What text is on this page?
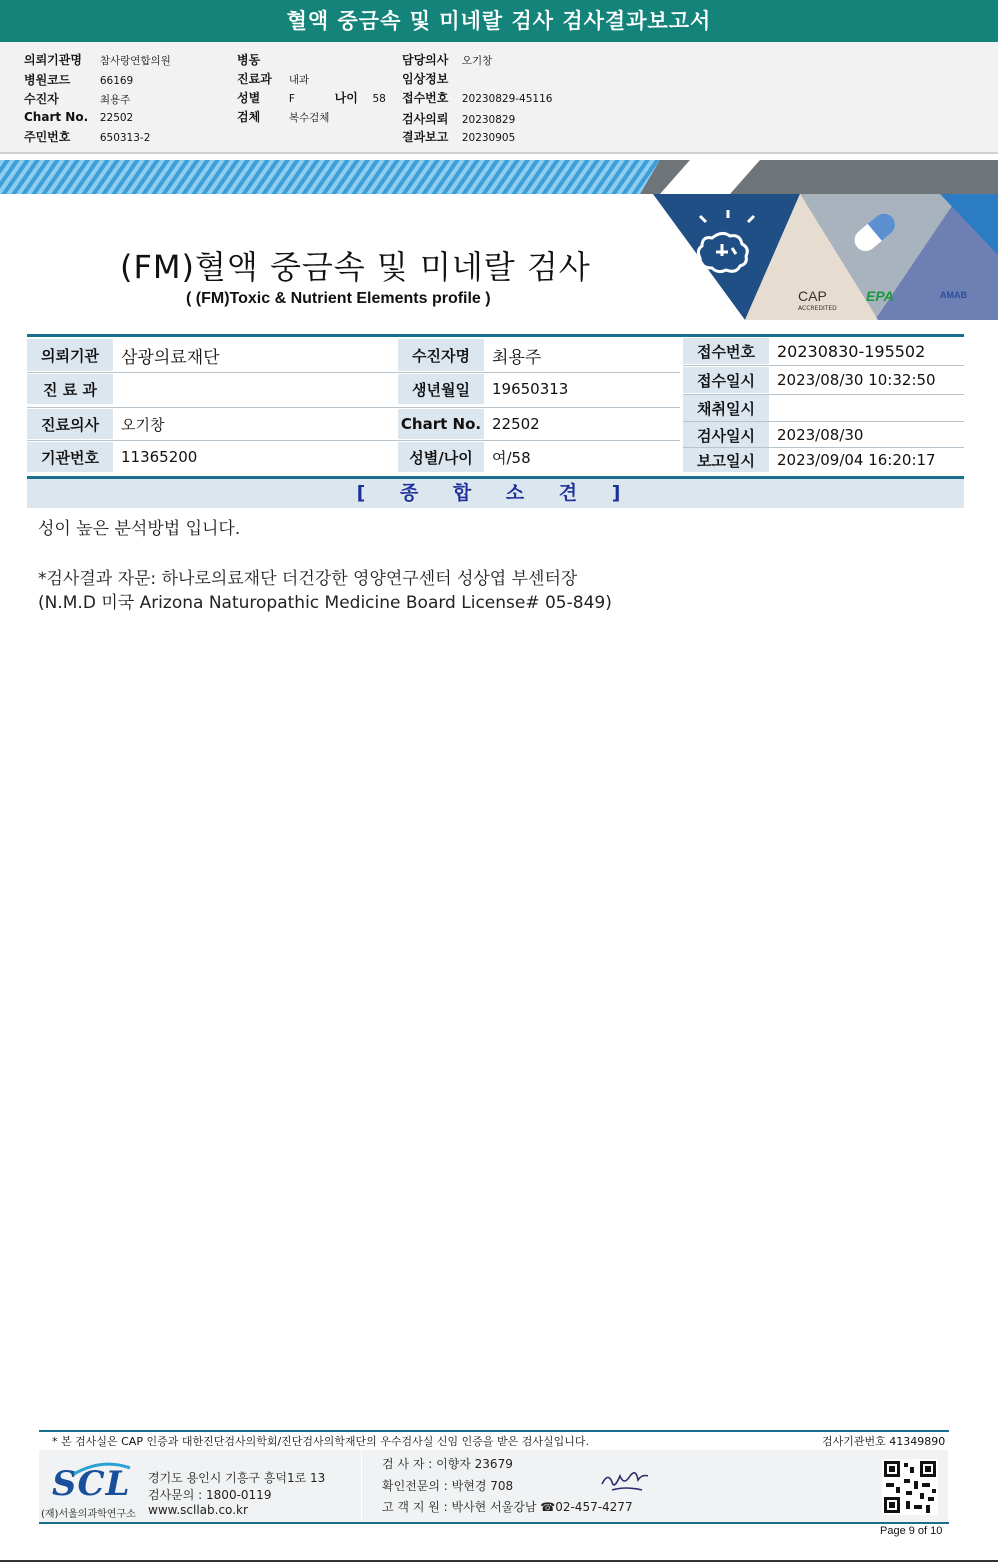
혈액 중금속 및 미네랄 검사 검사결과보고서
의뢰기관명 참사랑연합의원
병원코드	66169
수진자	최용주
Chart No. 22502
주민번호	650313-2
병동
진료과 내과
성별	F	나이 58
검체	복수검체
담당의사 오기창
임상정보
접수번호 20230829-45116
검사의뢰 20230829
결과보고 20230905
(FM)혈액 중금속 및 미네랄 검사
( (FM)Toxic & Nutrient Elements profile )	CAP
ACCREDITED
EPA	AMAB
의뢰기관	삼광의료재단
진 료 과
진료의사	오기창
기관번호	11365200
수진자명	최용주
생년월일	19650313
Chart No. 22502
성별/나이	여/58
접수번호	20230830-195502
접수일시	2023/08/30 10:32:50
채취일시
검사일시	2023/08/30
보고일시	2023/09/04 16:20:17
[ 종 합 소 견 ]
성이 높은 분석방법 입니다.
*검사결과 자문: 하나로의료재단 더건강한 영양연구센터 성상엽 부센터장
(N.M.D 미국 Arizona Naturopathic Medicine Board License# 05-849)
* 본 검사실은 CAP 인증과 대한진단검사의학회/진단검사의학재단의 우수검사실 신임 인증을 받은 검사실입니다.	검사기관번호 41349890
SCL
(재)서울의과학연구소
경기도 용인시 기흥구 흥덕1로 13
검사문의 : 1800-0119
www.scllab.co.kr
검 사 자 : 이향자 23679
확인전문의 : 박현경 708
고 객 지 원 : 박사현 서울강남 ☎02-457-4277
Page 9 of 10
